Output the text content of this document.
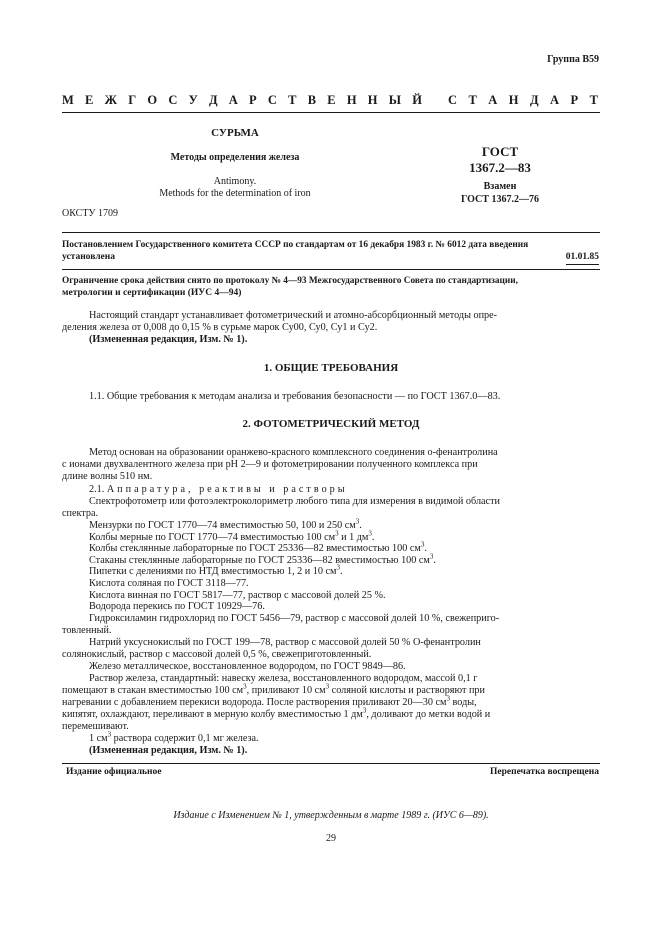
Группа В59
М Е Ж Г О С У Д А Р С Т В Е Н Н Ы Й С Т А Н Д А Р Т
СУРЬМА
Методы определения железа
Antimony.
Methods for the determination of iron
ОКСТУ 1709
ГОСТ
1367.2—83
Взамен
ГОСТ 1367.2—76
Постановлением Государственного комитета СССР по стандартам от 16 декабря 1983 г. № 6012 дата введения
установлена	01.01.85
Ограничение срока действия снято по протоколу № 4—93 Межгосударственного Совета по стандартизации,
метрологии и сертификации (ИУС 4—94)
Настоящий стандарт устанавливает фотометрический и атомно-абсорбционный методы опре-
деления железа от 0,008 до 0,15 % в сурьме марок Су00, Су0, Су1 и Су2.
(Измененная редакция, Изм. № 1).
1. ОБЩИЕ ТРЕБОВАНИЯ
1.1. Общие требования к методам анализа и требования безопасности — по ГОСТ 1367.0—83.
2. ФОТОМЕТРИЧЕСКИЙ МЕТОД
Метод основан на образовании оранжево-красного комплексного соединения о-фенантролина
с ионами двухвалентного железа при pH 2—9 и фотометрировании полученного комплекса при
длине волны 510 нм.
2.1. Аппаратура, реактивы и растворы
Спектрофотометр или фотоэлектроколориметр любого типа для измерения в видимой области
спектра.
Мензурки по ГОСТ 1770—74 вместимостью 50, 100 и 250 $см^3$.
Колбы мерные по ГОСТ 1770—74 вместимостью 100 $см^3$ и 1 $дм^3$.
Колбы стеклянные лабораторные по ГОСТ 25336—82 вместимостью 100 $см^3$.
Стаканы стеклянные лабораторные по ГОСТ 25336—82 вместимостью 100 $см^3$.
Пипетки с делениями по НТД вместимостью 1, 2 и 10 $см^3$.
Кислота соляная по ГОСТ 3118—77.
Кислота винная по ГОСТ 5817—77, раствор с массовой долей 25 %.
Водорода перекись по ГОСТ 10929—76.
Гидроксиламин гидрохлорид по ГОСТ 5456—79, раствор с массовой долей 10 %, свежеприго-
товленный.
Натрий уксуснокислый по ГОСТ 199—78, раствор с массовой долей 50 % О-фенантролин
солянокислый, раствор с массовой долей 0,5 %, свежеприготовленный.
Железо металлическое, восстановленное водородом, по ГОСТ 9849—86.
Раствор железа, стандартный: навеску железа, восстановленного водородом, массой 0,1 г
помещают в стакан вместимостью 100 $см^3$, приливают 10 $см^3$ соляной кислоты и растворяют при
нагревании с добавлением перекиси водорода. После растворения приливают 20—30 $см^3$ воды,
кипятят, охлаждают, переливают в мерную колбу вместимостью 1 $дм^3$, доливают до метки водой и
перемешивают.
1 $см^3$ раствора содержит 0,1 мг железа.
(Измененная редакция, Изм. № 1).
Издание официальное	Перепечатка воспрещена
Издание с Изменением № 1, утвержденным в марте 1989 г. (ИУС 6—89).
29
